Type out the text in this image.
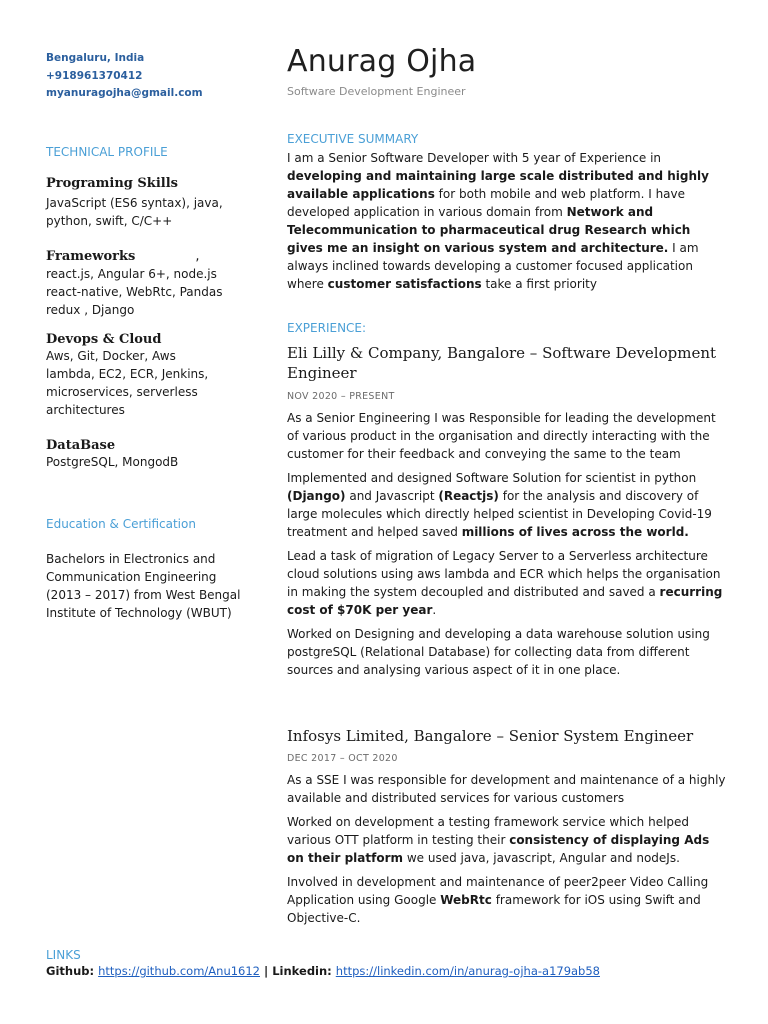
Bengaluru, India
+918961370412
myanuragojha@gmail.com
Anurag Ojha
Software Development Engineer
TECHNICAL PROFILE
Programing Skills
JavaScript (ES6 syntax), java, python, swift, C/C++
Frameworks	,
react.js, Angular 6+, node.js react-native, WebRtc, Pandas redux , Django
Devops & Cloud
Aws, Git, Docker, Aws lambda, EC2, ECR, Jenkins, microservices, serverless architectures
DataBase
PostgreSQL, MongodB
Education & Certification
Bachelors in Electronics and Communication Engineering (2013 – 2017) from West Bengal Institute of Technology (WBUT)
EXECUTIVE SUMMARY
I am a Senior Software Developer with 5 year of Experience in developing and maintaining large scale distributed and highly available applications for both mobile and web platform. I have developed application in various domain from Network and Telecommunication to pharmaceutical drug Research which gives me an insight on various system and architecture. I am always inclined towards developing a customer focused application where customer satisfactions take a first priority
EXPERIENCE:
Eli Lilly & Company, Bangalore – Software Development Engineer
NOV 2020 – PRESENT
As a Senior Engineering I was Responsible for leading the development of various product in the organisation and directly interacting with the customer for their feedback and conveying the same to the team
Implemented and designed Software Solution for scientist in python (Django) and Javascript (Reactjs) for the analysis and discovery of large molecules which directly helped scientist in Developing Covid-19 treatment and helped saved millions of lives across the world.
Lead a task of migration of Legacy Server to a Serverless architecture cloud solutions using aws lambda and ECR which helps the organisation in making the system decoupled and distributed and saved a recurring cost of $70K per year.
Worked on Designing and developing a data warehouse solution using postgreSQL (Relational Database) for collecting data from different sources and analysing various aspect of it in one place.
Infosys Limited, Bangalore – Senior System Engineer
DEC 2017 – OCT 2020
As a SSE I was responsible for development and maintenance of a highly available and distributed services for various customers
Worked on development a testing framework service which helped various OTT platform in testing their consistency of displaying Ads on their platform we used java, javascript, Angular and nodeJs.
Involved in development and maintenance of peer2peer Video Calling Application using Google WebRtc framework for iOS using Swift and Objective-C.
LINKS
Github: https://github.com/Anu1612 | Linkedin: https://linkedin.com/in/anurag-ojha-a179ab58
